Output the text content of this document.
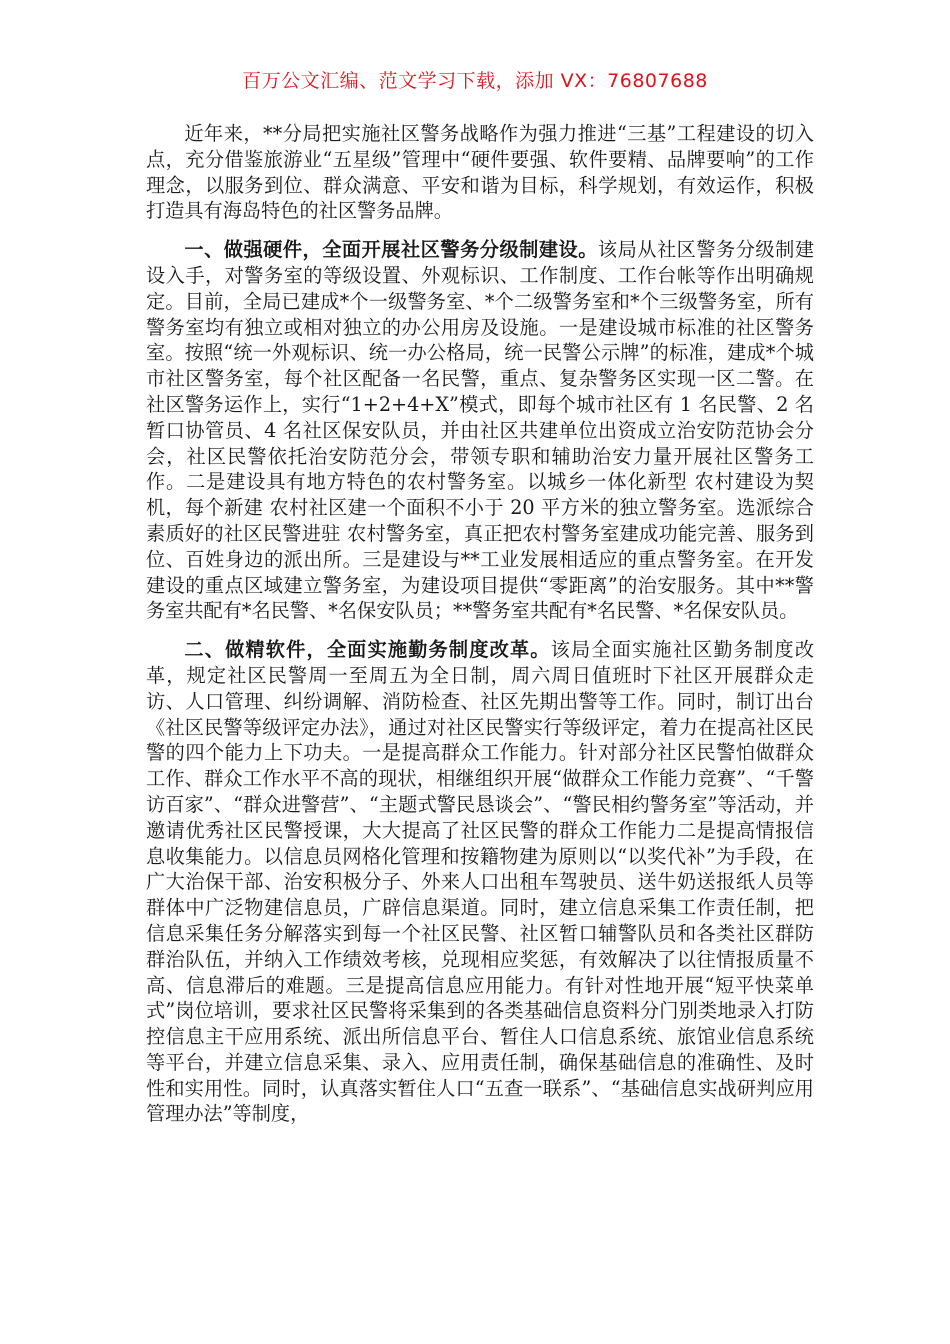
百万公文汇编、范文学习下载，添加 VX：76807688

近年来，**分局把实施社区警务战略作为强力推进“三基”工程建设的切入点，充分借鉴旅游业“五星级”管理中“硬件要强、软件要精、品牌要响”的工作理念，以服务到位、群众满意、平安和谐为目标，科学规划，有效运作，积极打造具有海岛特色的社区警务品牌。

一、做强硬件，全面开展社区警务分级制建设。该局从社区警务分级制建设入手，对警务室的等级设置、外观标识、工作制度、工作台帐等作出明确规定。目前，全局已建成*个一级警务室、*个二级警务室和*个三级警务室，所有警务室均有独立或相对独立的办公用房及设施。一是建设城市标准的社区警务室。按照“统一外观标识、统一办公格局，统一民警公示牌”的标准，建成*个城市社区警务室，每个社区配备一名民警，重点、复杂警务区实现一区二警。在社区警务运作上，实行“1+2+4+X”模式，即每个城市社区有 1 名民警、2 名暂口协管员、4 名社区保安队员，并由社区共建单位出资成立治安防范协会分会，社区民警依托治安防范分会，带领专职和辅助治安力量开展社区警务工作。二是建设具有地方特色的农村警务室。以城乡一体化新型 农村建设为契机，每个新建 农村社区建一个面积不小于 20 平方米的独立警务室。选派综合素质好的社区民警进驻 农村警务室，真正把农村警务室建成功能完善、服务到位、百姓身边的派出所。三是建设与**工业发展相适应的重点警务室。在开发建设的重点区域建立警务室，为建设项目提供“零距离”的治安服务。其中**警务室共配有*名民警、*名保安队员；**警务室共配有*名民警、*名保安队员。

二、做精软件，全面实施勤务制度改革。该局全面实施社区勤务制度改革，规定社区民警周一至周五为全日制，周六周日值班时下社区开展群众走访、人口管理、纠纷调解、消防检查、社区先期出警等工作。同时，制订出台《社区民警等级评定办法》，通过对社区民警实行等级评定，着力在提高社区民警的四个能力上下功夫。一是提高群众工作能力。针对部分社区民警怕做群众工作、群众工作水平不高的现状，相继组织开展“做群众工作能力竞赛”、“千警访百家”、“群众进警营”、“主题式警民恳谈会”、“警民相约警务室”等活动，并邀请优秀社区民警授课，大大提高了社区民警的群众工作能力二是提高情报信息收集能力。以信息员网格化管理和按籍物建为原则以“以奖代补”为手段，在广大治保干部、治安积极分子、外来人口出租车驾驶员、送牛奶送报纸人员等群体中广泛物建信息员，广辟信息渠道。同时，建立信息采集工作责任制，把信息采集任务分解落实到每一个社区民警、社区暂口辅警队员和各类社区群防群治队伍，并纳入工作绩效考核，兑现相应奖惩，有效解决了以往情报质量不高、信息滞后的难题。三是提高信息应用能力。有针对性地开展“短平快菜单式”岗位培训，要求社区民警将采集到的各类基础信息资料分门别类地录入打防控信息主干应用系统、派出所信息平台、暂住人口信息系统、旅馆业信息系统等平台，并建立信息采集、录入、应用责任制，确保基础信息的准确性、及时性和实用性。同时，认真落实暂住人口“五查一联系”、“基础信息实战研判应用管理办法”等制度，
